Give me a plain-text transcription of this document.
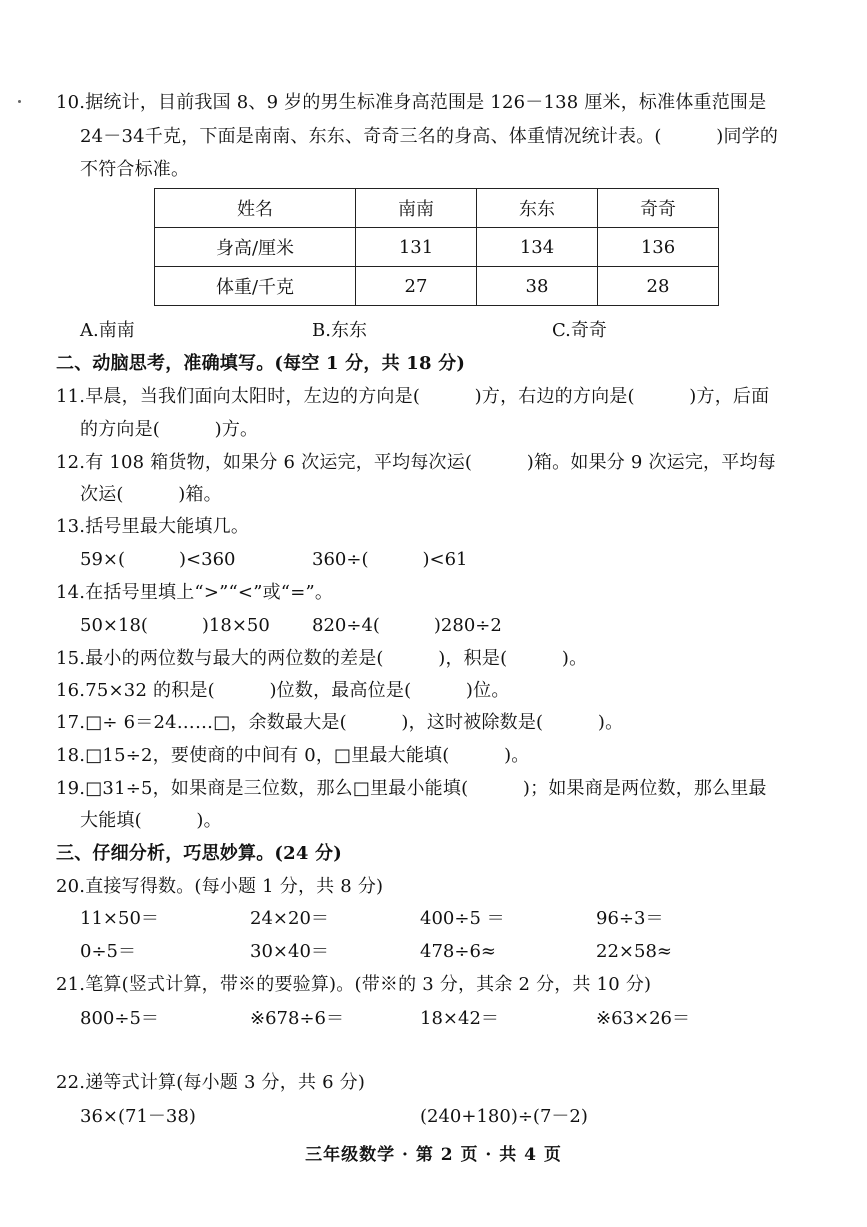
10.据统计，目前我国 8、9 岁的男生标准身高范围是 126－138 厘米，标准体重范围是
24－34千克，下面是南南、东东、奇奇三名的身高、体重情况统计表。(　　　)同学的
不符合标准。
姓名	南南	东东	奇奇
身高/厘米	131	134	136
体重/千克	27	38	28
A.南南	B.东东	C.奇奇
二、动脑思考，准确填写。(每空 1 分，共 18 分)
11.早晨，当我们面向太阳时，左边的方向是(　　　)方，右边的方向是(　　　)方，后面
的方向是(　　　)方。
12.有 108 箱货物，如果分 6 次运完，平均每次运(　　　)箱。如果分 9 次运完，平均每
次运(　　　)箱。
13.括号里最大能填几。
59×(　　　)<360	360÷(　　　)<61
14.在括号里填上“>”“<”或“=”。
50×18(　　　)18×50 820÷4(　　　)280÷2
15.最小的两位数与最大的两位数的差是(　　　)，积是(　　　)。
16.75×32 的积是(　　　)位数，最高位是(　　　)位。
17.□÷ 6＝24……□，余数最大是(　　　)，这时被除数是(　　　)。
18.□15÷2，要使商的中间有 0，□里最大能填(　　　)。
19.□31÷5，如果商是三位数，那么□里最小能填(　　　)；如果商是两位数，那么里最
大能填(　　　)。
三、仔细分析，巧思妙算。(24 分)
20.直接写得数。(每小题 1 分，共 8 分)
11×50＝	24×20＝	400÷5 ＝	96÷3＝
0÷5＝	30×40＝	478÷6≈	22×58≈
21.笔算(竖式计算，带※的要验算)。(带※的 3 分，其余 2 分，共 10 分)
800÷5＝	※678÷6＝	18×42＝	※63×26＝
22.递等式计算(每小题 3 分，共 6 分)
36×(71－38)	(240+180)÷(7－2)
三年级数学 · 第 2 页 · 共 4 页
